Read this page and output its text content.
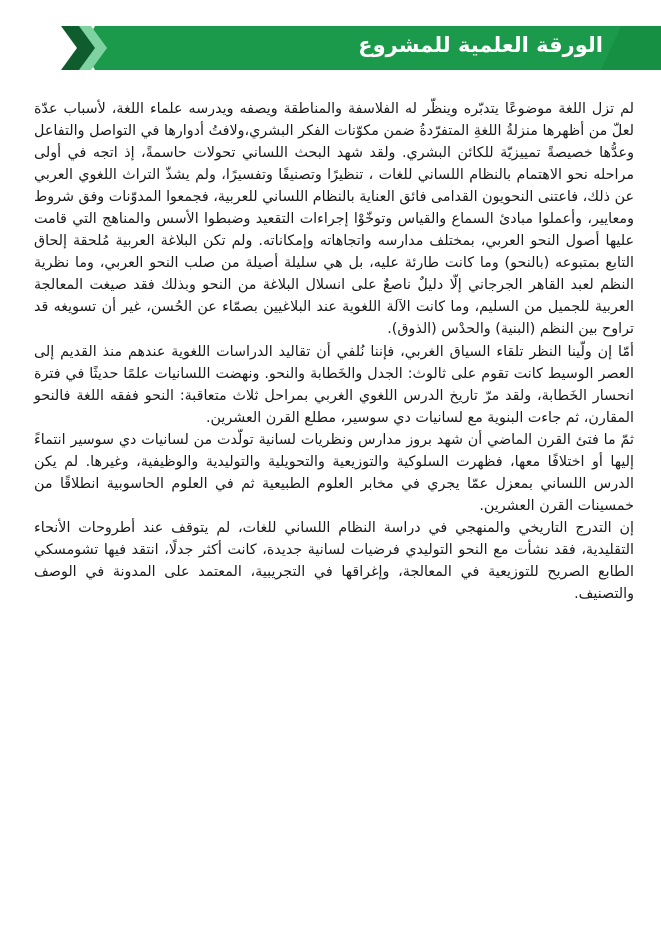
الورقة العلمية للمشروع

لم تزل اللغة موضوعًا يتدبّره وينظّر له الفلاسفة والمناطقة ويصفه ويدرسه علماء اللغة، لأسباب عدّة لعلّ من أظهرها منزلةُ اللغةِ المتفرّدةُ ضمن مكوّنات الفكر البشري،ولافتُ أدوارها في التواصل والتفاعل وعدُّها خصيصةً تمييزيّة للكائن البشري. ولقد شهد البحث اللساني تحولات حاسمةً، إذ اتجه في أولى مراحله نحو الاهتمام بالنظام اللساني للغات ، تنظيرًا وتصنيفًا وتفسيرًا، ولم يشذّ التراث اللغوي العربي عن ذلك، فاعتنى النحويون القدامى فائق العناية بالنظام اللساني للعربية، فجمعوا المدوّنات وفق شروط ومعايير، وأعملوا مبادئ السماع والقياس وتوخّوْا إجراءات التقعيد وضبطوا الأسس والمناهج التي قامت عليها أصول النحو العربي، بمختلف مدارسه واتجاهاته وإمكاناته. ولم تكن البلاغة العربية مُلحقة إلحاق التابع بمتبوعه (بالنحو) وما كانت طارئة عليه، بل هي سليلة أصيلة من صلب النحو العربي، وما نظرية النظم لعبد القاهر الجرجاني إلّا دليلٌ ناصعٌ على انسلال البلاغة من النحو وبذلك فقد صيغت المعالجة العربية للجميل من السليم، وما كانت الآلة اللغوية عند البلاغيين بصمّاء عن الحُسن، غير أن تسويغه قد تراوح بين النظم (البنية) والحدْس (الذوق).

أمّا إن ولّينا النظر تلقاء السياق الغربي، فإننا نُلفي أن تقاليد الدراسات اللغوية عندهم منذ القديم إلى العصر الوسيط كانت تقوم على ثالوث: الجدل والخَطابة والنحو. ونهضت اللسانيات علمًا حديثًا في فترة انحسار الخَطابة، ولقد مرّ تاريخ الدرس اللغوي الغربي بمراحل ثلاث متعاقبة: النحو ففقه اللغة فالنحو المقارن، ثم جاءت البنوية مع لسانيات دي سوسير، مطلع القرن العشرين.

ثمّ ما فتئ القرن الماضي أن شهد بروز مدارس ونظريات لسانية تولّدت من لسانيات دي سوسير انتماءً إليها أو اختلافًا معها، فظهرت السلوكية والتوزيعية والتحويلية والتوليدية والوظيفية، وغيرها. لم يكن الدرس اللساني بمعزل عمّا يجري في مخابر العلوم الطبيعية ثم في العلوم الحاسوبية انطلاقًا من خمسينات القرن العشرين.

إن التدرج التاريخي والمنهجي في دراسة النظام اللساني للغات، لم يتوقف عند أطروحات الأنحاء التقليدية، فقد نشأت مع النحو التوليدي فرضيات لسانية جديدة، كانت أكثر جدلًا، انتقد فيها تشومسكي الطابع الصريح للتوزيعية في المعالجة، وإغراقها في التجريبية، المعتمد على المدونة في الوصف والتصنيف.
